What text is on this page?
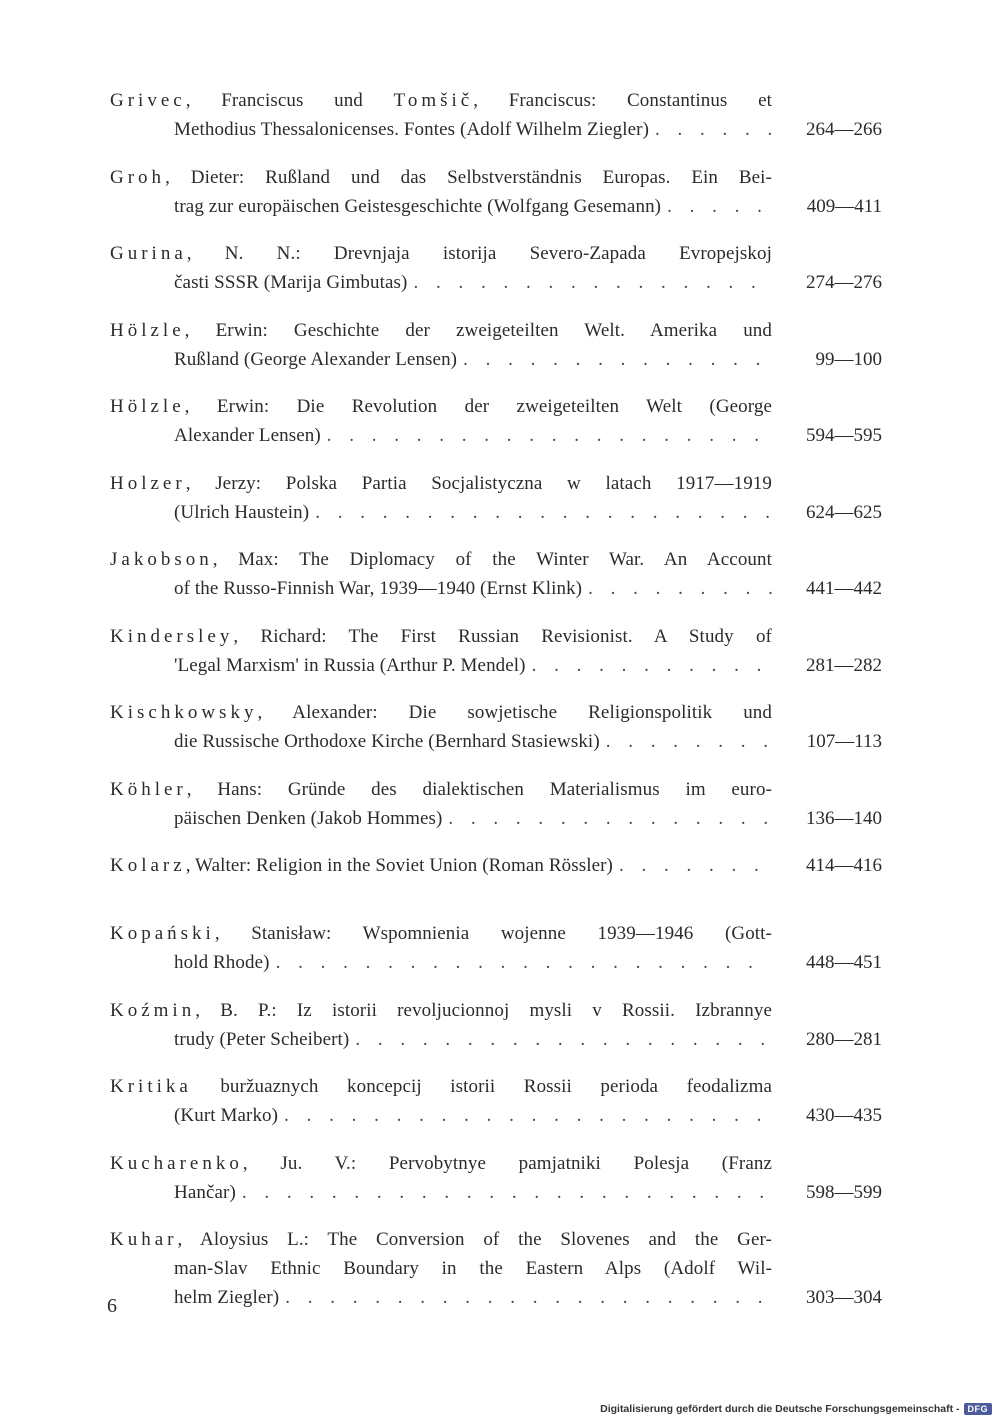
Grivec, Franciscus und Tomšič, Franciscus: Constantinus et
Methodius Thessalonicenses. Fontes (Adolf Wilhelm Ziegler) . . .	264—266
Groh, Dieter: Rußland und das Selbstverständnis Europas. Ein Bei-
trag zur europäischen Geistesgeschichte (Wolfgang Gesemann) . . .	409—411
Gurina, N. N.: Drevnjaja istorija Severo-Zapada Evropejskoj
časti SSSR (Marija Gimbutas) . . .	274—276
Hölzle, Erwin: Geschichte der zweigeteilten Welt. Amerika und
Rußland (George Alexander Lensen) . . .	99—100
Hölzle, Erwin: Die Revolution der zweigeteilten Welt (George
Alexander Lensen) . . .	594—595
Holzer, Jerzy: Polska Partia Socjalistyczna w latach 1917—1919
(Ulrich Haustein) . . .	624—625
Jakobson, Max: The Diplomacy of the Winter War. An Account
of the Russo-Finnish War, 1939—1940 (Ernst Klink) . . .	441—442
Kindersley, Richard: The First Russian Revisionist. A Study of
'Legal Marxism' in Russia (Arthur P. Mendel) . . .	281—282
Kischkowsky, Alexander: Die sowjetische Religionspolitik und
die Russische Orthodoxe Kirche (Bernhard Stasiewski) . . .	107—113
Köhler, Hans: Gründe des dialektischen Materialismus im euro-
päischen Denken (Jakob Hommes) . . .	136—140
Kolarz , Walter: Religion in the Soviet Union (Roman Rössler) . . .	414—416
Kopański, Stanisław: Wspomnienia wojenne 1939—1946 (Gott-
hold Rhode) . . .	448—451
Koźmin, B. P.: Iz istorii revoljucionnoj mysli v Rossii. Izbrannye
trudy (Peter Scheibert) . . .	280—281
Kritika buržuaznych koncepcij istorii Rossii perioda feodalizma
(Kurt Marko) . . .	430—435
Kucharenko, Ju. V.: Pervobytnye pamjatniki Polesja (Franz
Hančar) . . .	598—599
Kuhar, Aloysius L.: The Conversion of the Slovenes and the Ger-
man-Slav Ethnic Boundary in the Eastern Alps (Adolf Wil-
helm Ziegler) . . .	303—304
6
Digitalisierung gefördert durch die Deutsche Forschungsgemeinschaft - DFG
